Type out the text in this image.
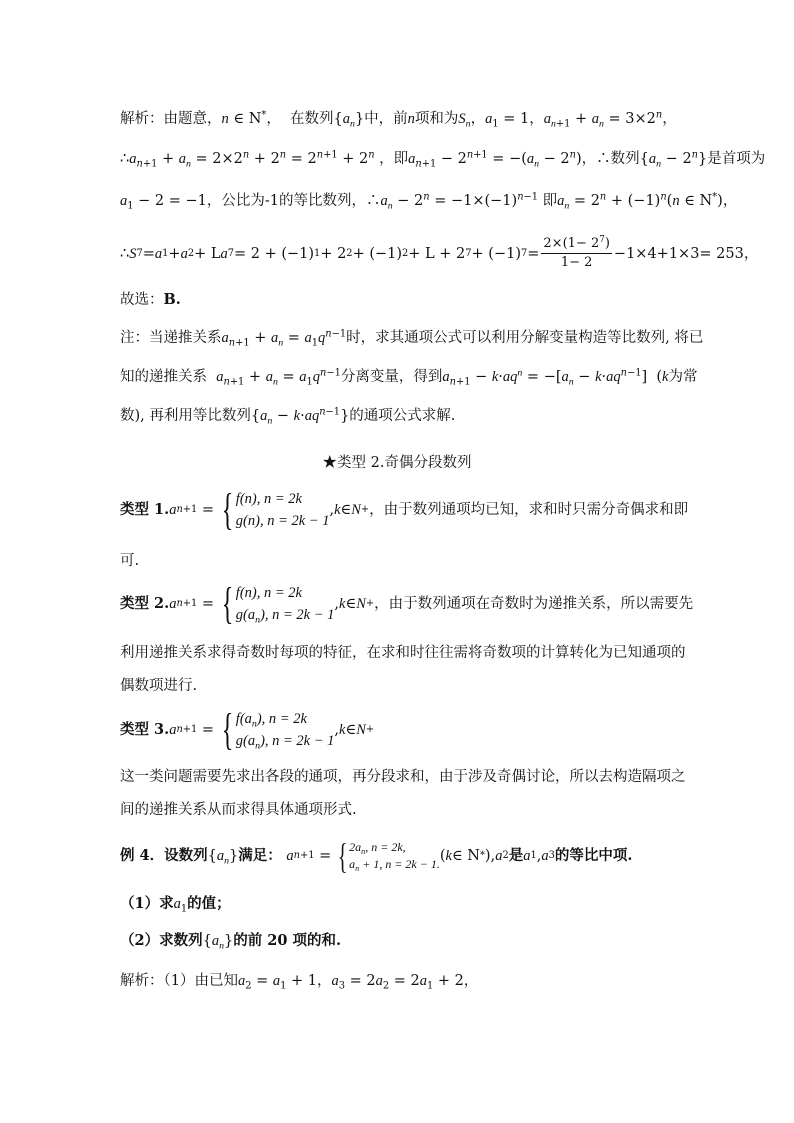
解析：由题意，n ∈ N*，  在数列$\{a_n\}$中，前n项和为$S_n$，$a_1 = 1$，$a_{n+1} + a_n = 3\times 2^n$，
$\therefore a_{n+1} + a_n = 2\times 2^n + 2^n = 2^{n+1} + 2^n$ ，即$a_{n+1} - 2^{n+1} = -(a_n - 2^n)$，∴数列$\{a_n - 2^n\}$是首项为
$a_1 - 2 = -1$，公比为-1的等比数列，$\therefore a_n - 2^n = -1\times(-1)^{n-1}$ 即$a_n = 2^n + (-1)^n(n$ ∈ N*)，
∴ S 7 = a 1 + a 2 + L a 7 = 2 + (−1) 1 + 2 2 + (−1) 2 + L + 2 7 + (−1) $7 = \frac{2\times(1- 2^7)}{1- 2} -1\times 4+1\times 3= 253$，
故选：B.
注：当递推关系$a_{n+1} + a_n = a_1q^{n-1}$时，求其通项公式可以利用分解变量构造等比数列, 将已
知的递推关系 $a_{n+1} + a_n = a_1q^{n-1}$分离变量，得到$a_{n+1} - k\cdot aq^n = -[a_n - k\cdot aq^{n-1}]$  (k为常
数), 再利用等比数列$\{a_n - k\cdot aq^{n-1}\}$的通项公式求解.
★类型 2.奇偶分段数列
类型 1. a n+1 = { f(n), n = 2k
g(n), n = 2k − 1
, k ∈ N + ，由于数列通项均已知，求和时只需分奇偶求和即
可.
类型 2. a n+1 = { f(n), n = 2k
$g(a_n)$, n = 2k − 1
, k ∈ N + ，由于数列通项在奇数时为递推关系，所以需要先
利用递推关系求得奇数时每项的特征，在求和时往往需将奇数项的计算转化为已知通项的
偶数项进行.
类型 3. a n+1 = { $f(a_n)$, n = 2k
$g(a_n)$, n = 2k − 1
, k ∈ N +
这一类问题需要先求出各段的通项，再分段求和，由于涉及奇偶讨论，所以去构造隔项之
间的递推关系从而求得具体通项形式.
例 4．设数列 { $a_n$ } 满足：
a n+1 = { $2a_n$, n = 2k,
$a_n + 1$, n = 2k − 1. ( k ∈ N * ), a 2 是 a 1 , a 3 的等比中项.
（1）求$a_1$的值；
（2）求数列$\{a_n\}$的前 20 项的和.
解析：（1）由已知$a_2 = a_1 + 1$，$a_3 = 2a_2 = 2a_1 + 2$，
